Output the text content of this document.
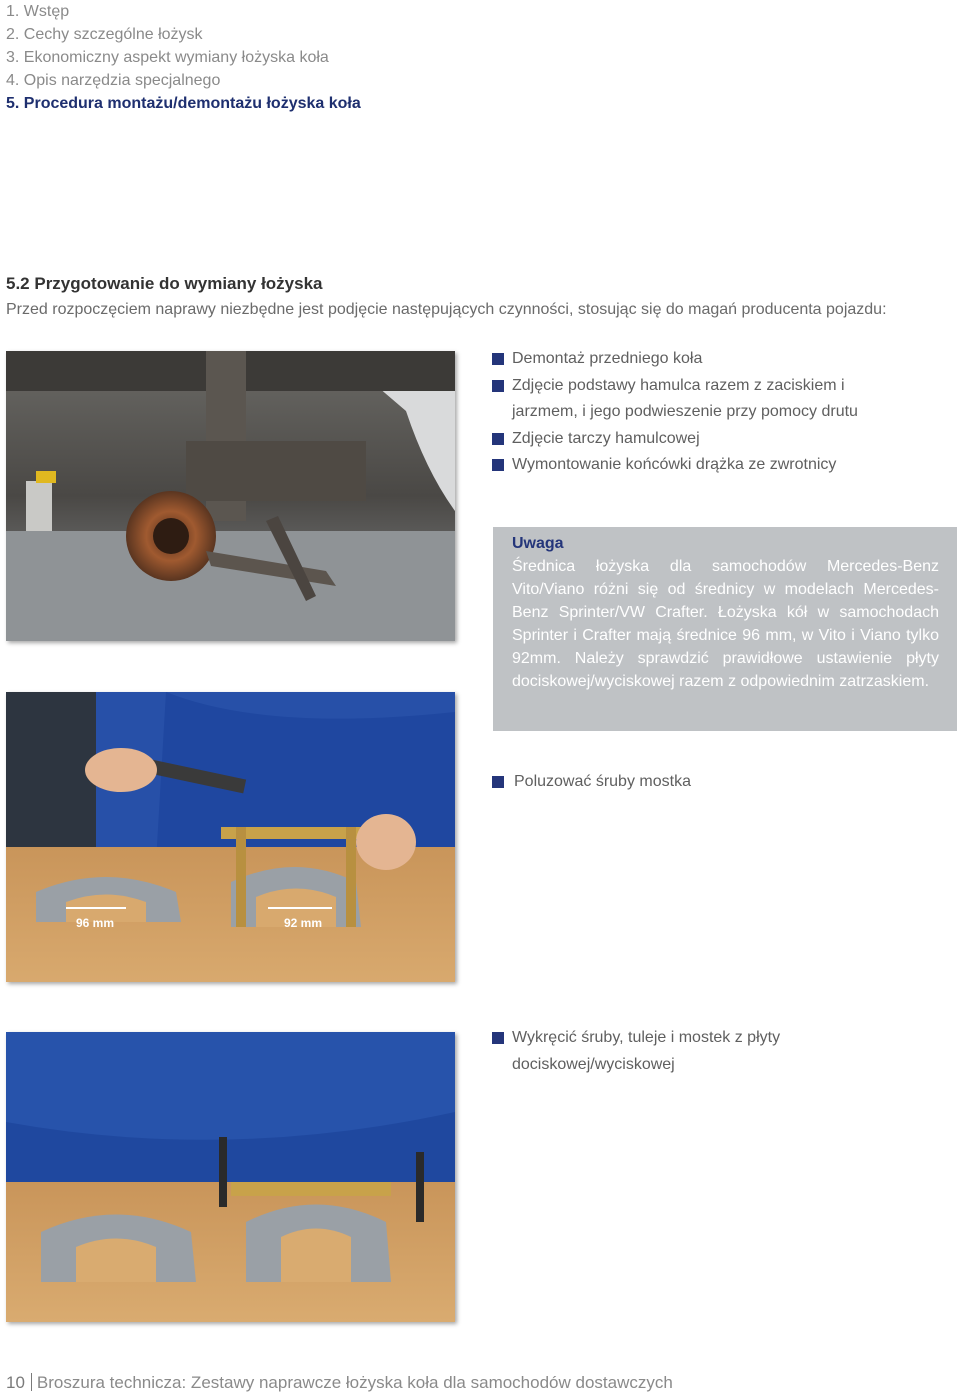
1. Wstęp
2. Cechy szczególne łożysk
3. Ekonomiczny aspekt wymiany łożyska koła
4. Opis narzędzia specjalnego
5. Procedura montażu/demontażu łożyska koła
5.2 Przygotowanie do wymiany łożyska

Przed rozpoczęciem naprawy niezbędne jest podjęcie następujących czynności, stosując się do magań producenta pojazdu:

Demontaż przedniego koła
Zdjęcie podstawy hamulca razem z zaciskiem i jarzmem, i jego podwieszenie przy pomocy drutu
Zdjęcie tarczy hamulcowej
Wymontowanie końcówki drążka ze zwrotnicy
Uwaga

Średnica łożyska dla samochodów Mercedes-Benz Vito/Viano różni się od średnicy w modelach Mercedes-Benz Sprinter/VW Crafter. Łożyska kół w samochodach Sprinter i Crafter mają średnice 96 mm, w Vito i Viano tylko 92mm. Należy sprawdzić prawidłowe ustawienie płyty dociskowej/wyciskowej razem z odpowiednim zatrzaskiem.

96 mm	92 mm
Poluzować śruby mostka
Wykręcić śruby, tuleje i mostek z płyty dociskowej/wyciskowej
10 Broszura technicza: Zestawy naprawcze łożyska koła dla samochodów dostawczych
